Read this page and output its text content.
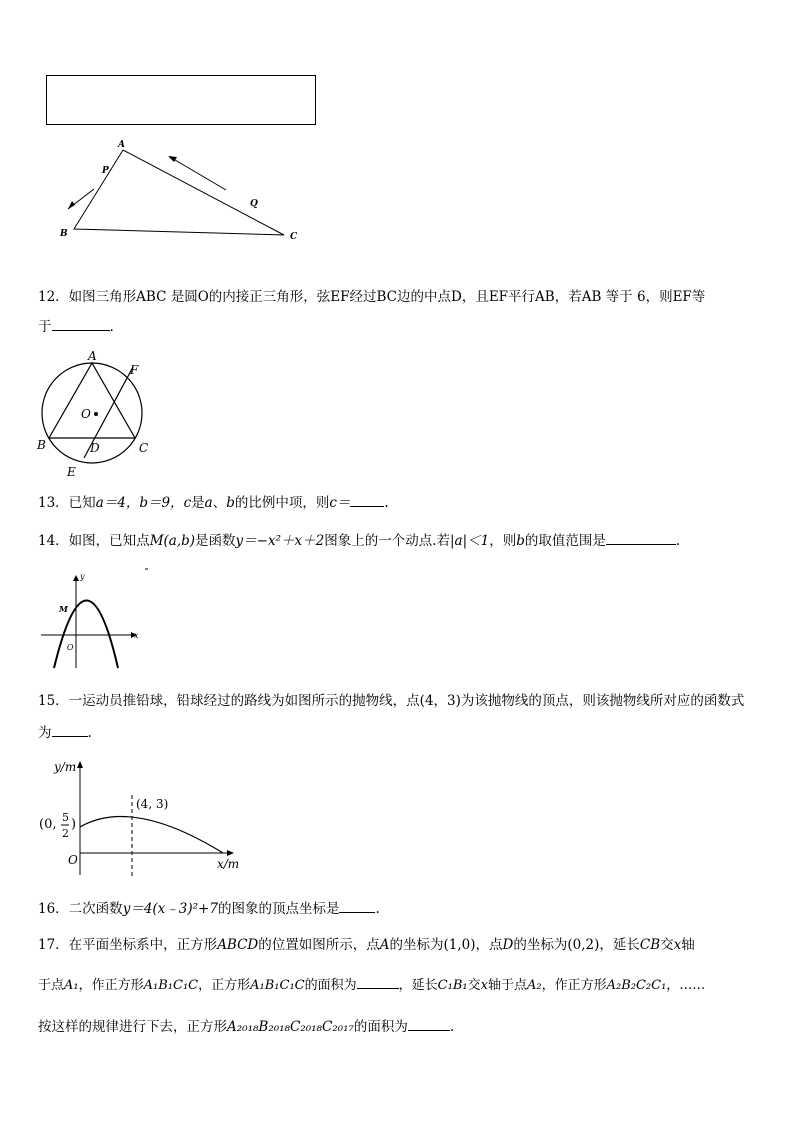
A
P
Q
B	C
12．如图三角形ABC 是圆O的内接正三角形，弦EF经过BC边的中点D，且EF平行AB，若AB 等于 6，则EF等
于	.
A
F
O
B	C
D
E
13．已知a＝4，b＝9，c是a、b的比例中项，则c＝	.
14．如图，已知点M(a,b)是函数y＝−x²＋x＋2图象上的一个动点.若|a|＜1，则b的取值范围是	.
y
x
M
O
15．一运动员推铅球，铅球经过的路线为如图所示的抛物线，点(4，3)为该抛物线的顶点，则该抛物线所对应的函数式
为	.
y/m
x/m
(4, 3)
(0, 5
2
)
O
16．二次函数y＝4(x﹣3)²+7的图象的顶点坐标是	.
17．在平面坐标系中，正方形ABCD的位置如图所示，点A的坐标为(1,0)，点D的坐标为(0,2)，延长CB交x轴
于点A₁，作正方形A₁B₁C₁C，正方形A₁B₁C₁C的面积为	，延长C₁B₁交x轴于点A₂，作正方形A₂B₂C₂C₁，……
按这样的规律进行下去，正方形A₂₀₁₈B₂₀₁₈C₂₀₁₈C₂₀₁₇的面积为	.
